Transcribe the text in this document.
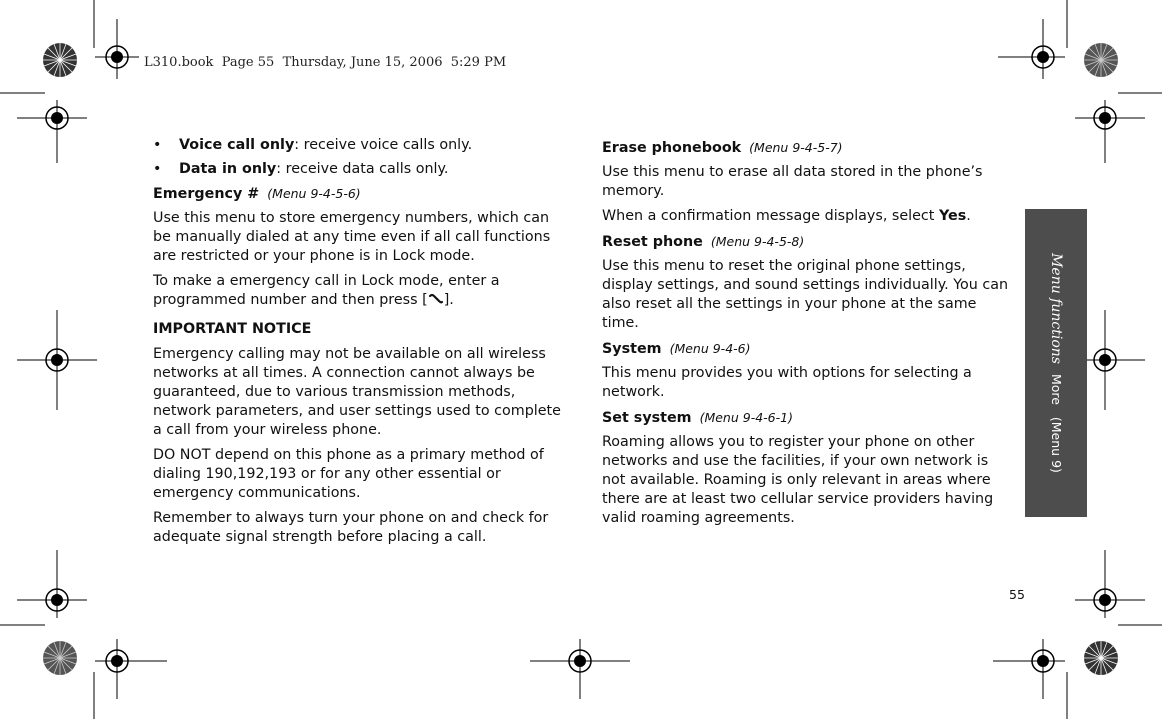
L310.book  Page 55  Thursday, June 15, 2006  5:29 PM
• Voice call only: receive voice calls only.
• Data in only: receive data calls only.
Emergency # (Menu 9-4-5-6)

Use this menu to store emergency numbers, which can be manually dialed at any time even if all call functions are restricted or your phone is in Lock mode.

To make a emergency call in Lock mode, enter a programmed number and then press [ ].

IMPORTANT NOTICE

Emergency calling may not be available on all wireless networks at all times. A connection cannot always be guaranteed, due to various transmission methods, network parameters, and user settings used to complete a call from your wireless phone.

DO NOT depend on this phone as a primary method of dialing 190,192,193 or for any other essential or emergency communications.

Remember to always turn your phone on and check for adequate signal strength before placing a call.

Erase phonebook (Menu 9-4-5-7)

Use this menu to erase all data stored in the phone’s memory.

When a confirmation message displays, select Yes.

Reset phone (Menu 9-4-5-8)

Use this menu to reset the original phone settings, display settings, and sound settings individually. You can also reset all the settings in your phone at the same time.

System (Menu 9-4-6)

This menu provides you with options for selecting a network.

Set system (Menu 9-4-6-1)

Roaming allows you to register your phone on other networks and use the facilities, if your own network is not available. Roaming is only relevant in areas where there are at least two cellular service providers having valid roaming agreements.

Menu functionsMore   (Menu 9)
55
